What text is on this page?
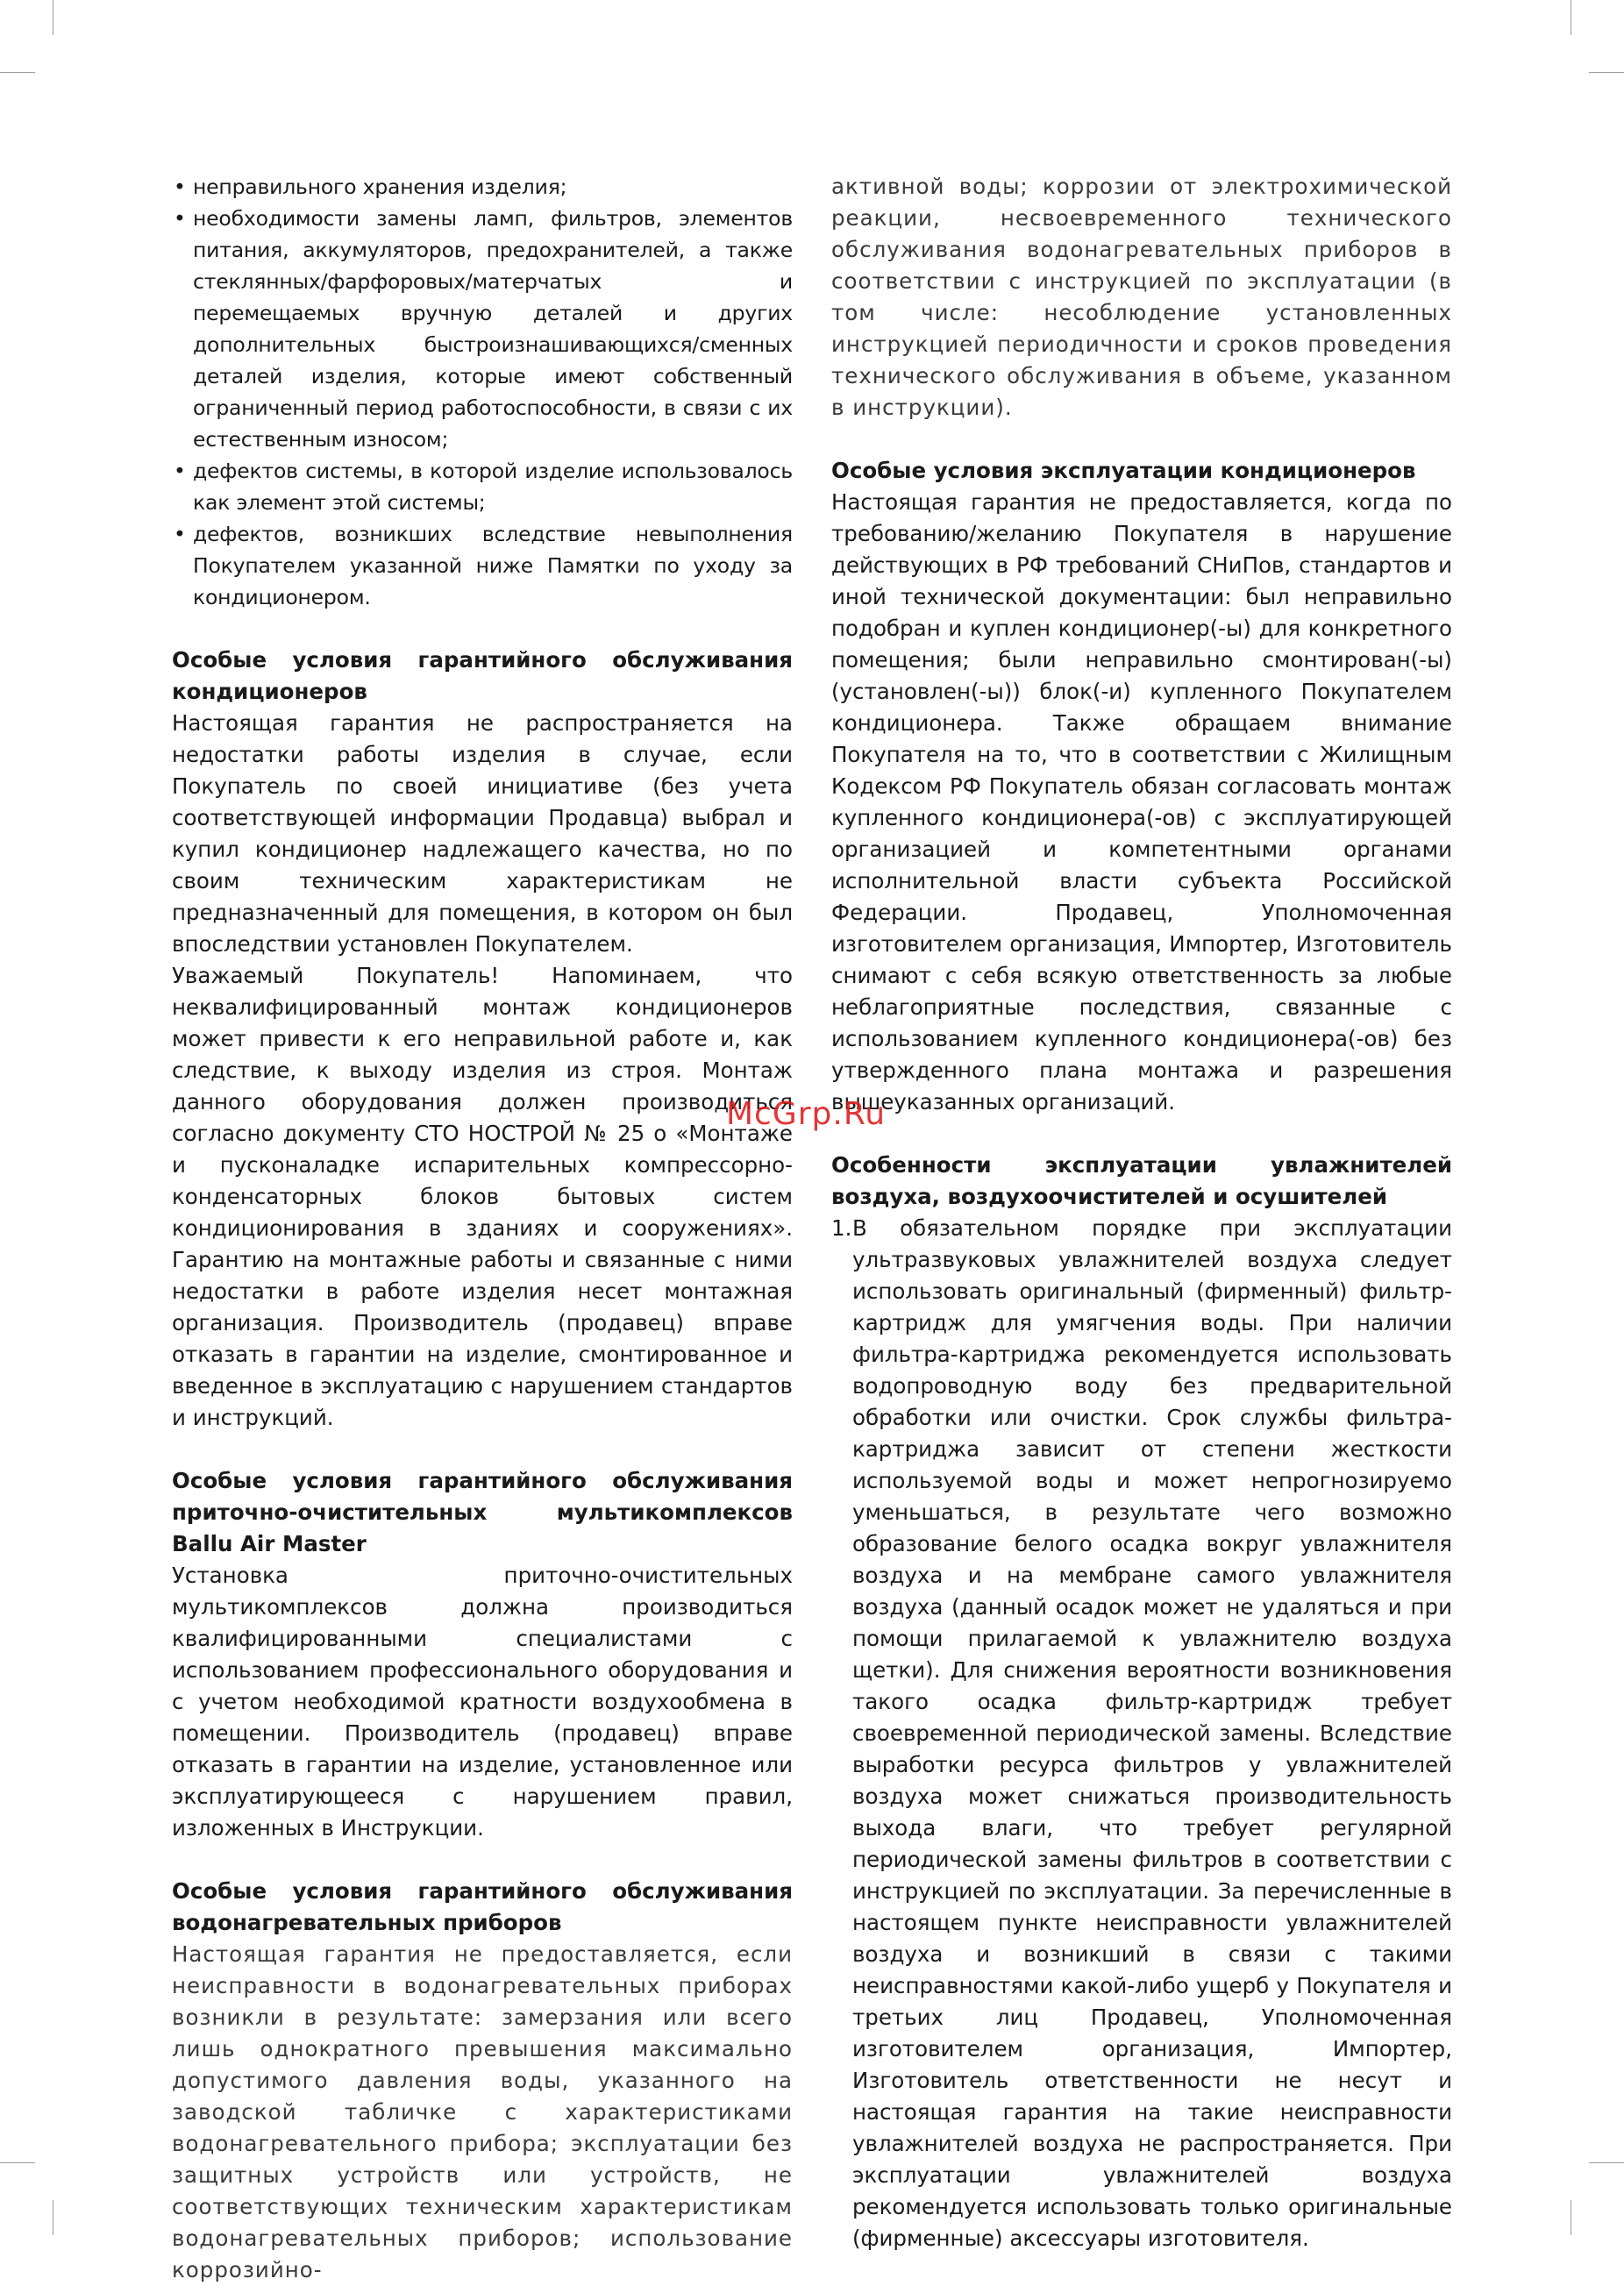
McGrp.Ru
• неправильного хранения изделия;
• необходимости замены ламп, фильтров, элементов питания, аккумуляторов, предохранителей, а также стеклянных/фарфоровых/матерчатых и перемещаемых вручную деталей и других дополнительных быстроизнашивающихся/сменных деталей изделия, которые имеют собственный ограниченный период работоспособности, в связи с их естественным износом;
• дефектов системы, в которой изделие использовалось как элемент этой системы;
• дефектов, возникших вследствие невыполнения Покупателем указанной ниже Памятки по уходу за кондиционером.
Особые условия гарантийного обслуживания кондиционеров

Настоящая гарантия не распространяется на недостатки работы изделия в случае, если Покупатель по своей инициативе (без учета соответствующей информации Продавца) выбрал и купил кондиционер надлежащего качества, но по своим техническим характеристикам не предназначенный для помещения, в котором он был впоследствии установлен Покупателем.

Уважаемый Покупатель! Напоминаем, что неквалифицированный монтаж кондиционеров может привести к его неправильной работе и, как следствие, к выходу изделия из строя. Монтаж данного оборудования должен производиться согласно документу СТО НОСТРОЙ № 25 о «Монтаже и пусконаладке испарительных компрессорно-конденсаторных блоков бытовых систем кондиционирования в зданиях и сооружениях». Гарантию на монтажные работы и связанные с ними недостатки в работе изделия несет монтажная организация. Производитель (продавец) вправе отказать в гарантии на изделие, смонтированное и введенное в эксплуатацию с нарушением стандартов и инструкций.

Особые условия гарантийного обслуживания приточно-очистительных мультикомплексов Ballu Air Master

Установка приточно-очистительных мультикомплексов должна производиться квалифицированными специалистами с использованием профессионального оборудования и с учетом необходимой кратности воздухообмена в помещении. Производитель (продавец) вправе отказать в гарантии на изделие, установленное или эксплуатирующееся с нарушением правил, изложенных в Инструкции.

Особые условия гарантийного обслуживания водонагревательных приборов

Настоящая гарантия не предоставляется, если неисправности в водонагревательных приборах возникли в результате: замерзания или всего лишь однократного превышения максимально допустимого давления воды, указанного на заводской табличке с характеристиками водонагревательного прибора; эксплуатации без защитных устройств или устройств, не соответствующих техническим характеристикам водонагревательных приборов; использование коррозийно-

активной воды; коррозии от электрохимической реакции, несвоевременного технического обслуживания водонагревательных приборов в соответствии с инструкцией по эксплуатации (в том числе: несоблюдение установленных инструкцией периодичности и сроков проведения технического обслуживания в объеме, указанном в инструкции).

Особые условия эксплуатации кондиционеров

Настоящая гарантия не предоставляется, когда по требованию/желанию Покупателя в нарушение действующих в РФ требований СНиПов, стандартов и иной технической документации: был неправильно подобран и куплен кондиционер(-ы) для конкретного помещения; были неправильно смонтирован(-ы) (установлен(-ы)) блок(-и) купленного Покупателем кондиционера. Также обращаем внимание Покупателя на то, что в соответствии с Жилищным Кодексом РФ Покупатель обязан согласовать монтаж купленного кондиционера(-ов) с эксплуатирующей организацией и компетентными органами исполнительной власти субъекта Российской Федерации. Продавец, Уполномоченная изготовителем организация, Импортер, Изготовитель снимают с себя всякую ответственность за любые неблагоприятные последствия, связанные с использованием купленного кондиционера(-ов) без утвержденного плана монтажа и разрешения вышеуказанных организаций.

Особенности эксплуатации увлажнителей воздуха, воздухоочистителей и осушителей
1. В обязательном порядке при эксплуатации ультразвуковых увлажнителей воздуха следует использовать оригинальный (фирменный) фильтр-картридж для умягчения воды. При наличии фильтра-картриджа рекомендуется использовать водопроводную воду без предварительной обработки или очистки. Срок службы фильтра-картриджа зависит от степени жесткости используемой воды и может непрогнозируемо уменьшаться, в результате чего возможно образование белого осадка вокруг увлажнителя воздуха и на мембране самого увлажнителя воздуха (данный осадок может не удаляться и при помощи прилагаемой к увлажнителю воздуха щетки). Для снижения вероятности возникновения такого осадка фильтр-картридж требует своевременной периодической замены. Вследствие выработки ресурса фильтров у увлажнителей воздуха может снижаться производительность выхода влаги, что требует регулярной периодической замены фильтров в соответствии с инструкцией по эксплуатации. За перечисленные в настоящем пункте неисправности увлажнителей воздуха и возникший в связи с такими неисправностями какой-либо ущерб у Покупателя и третьих лиц Продавец, Уполномоченная изготовителем организация, Импортер, Изготовитель ответственности не несут и настоящая гарантия на такие неисправности увлажнителей воздуха не распространяется. При эксплуатации увлажнителей воздуха рекомендуется использовать только оригинальные (фирменные) аксессуары изготовителя.
